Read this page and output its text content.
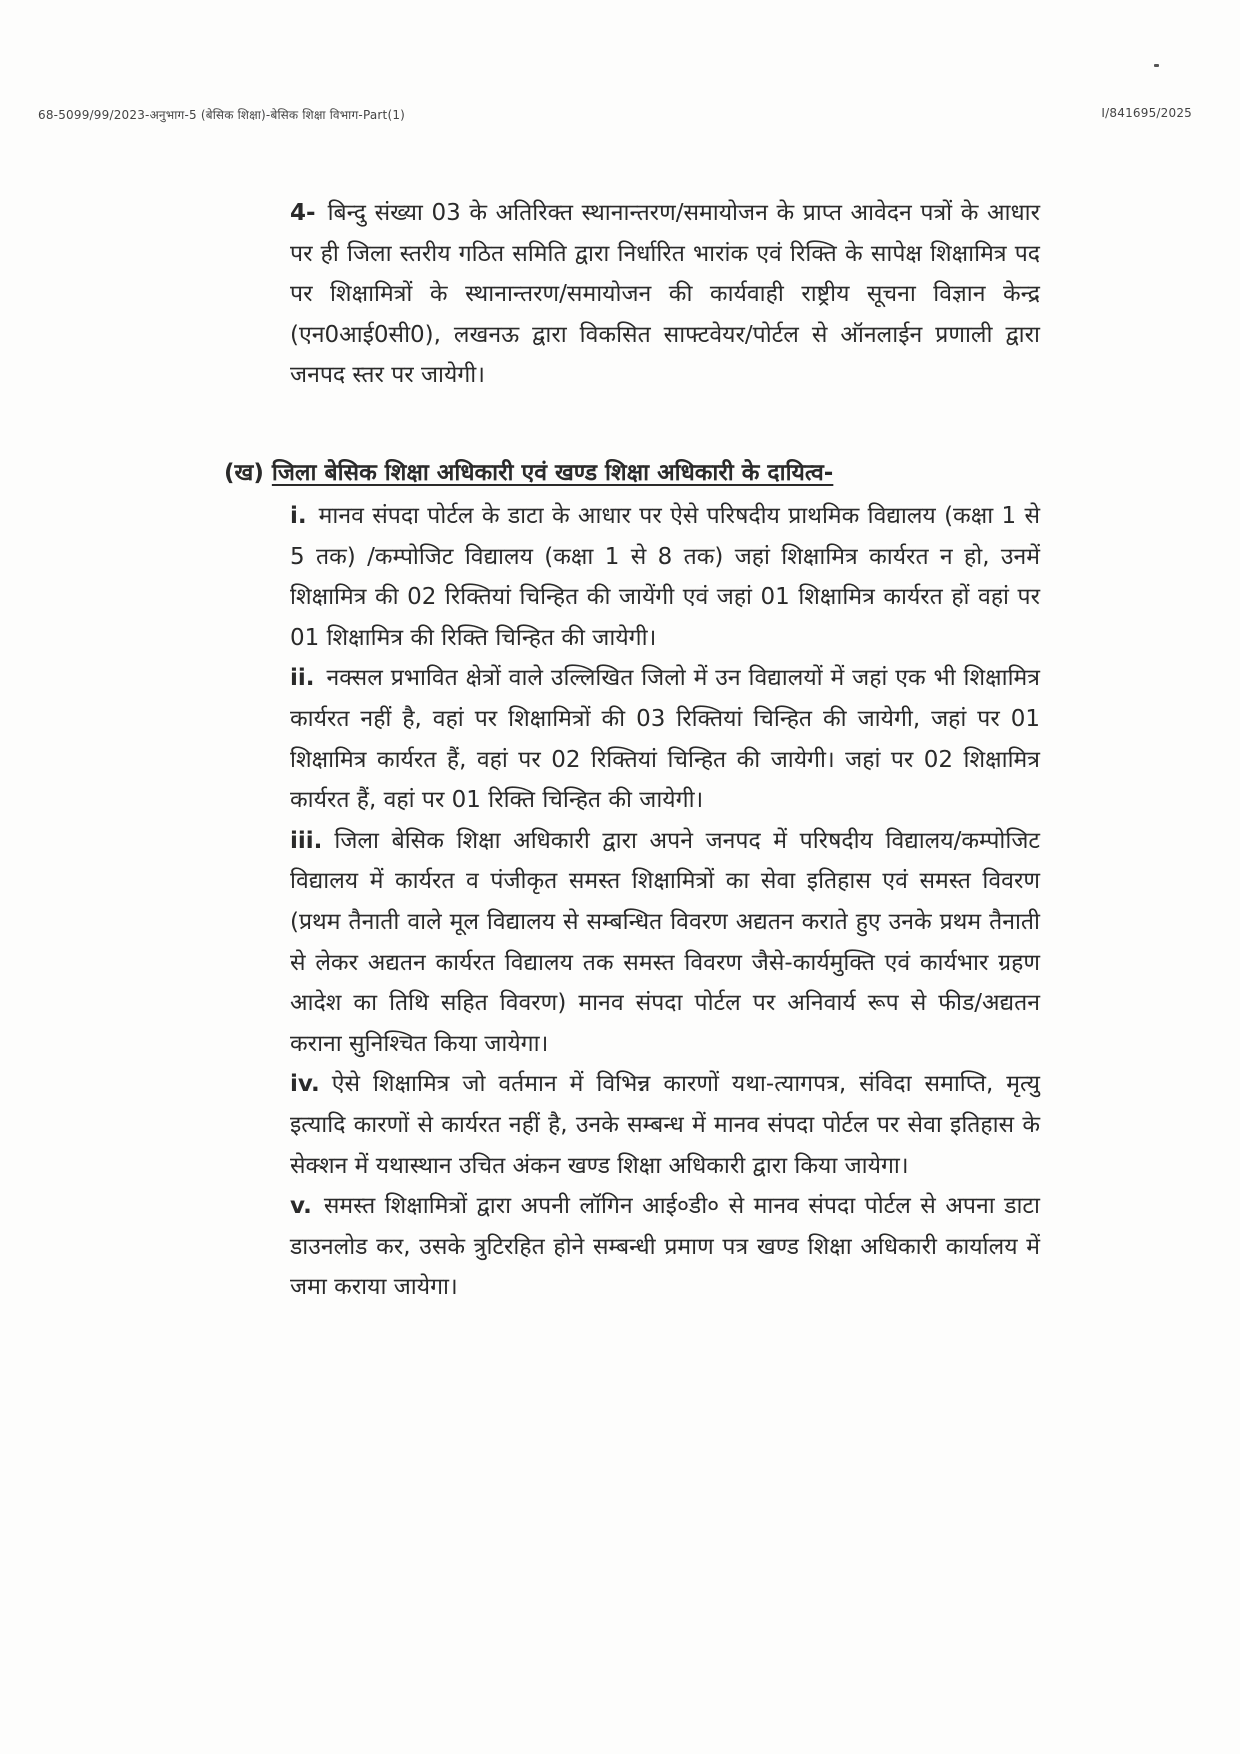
68-5099/99/2023-अनुभाग-5 (बेसिक शिक्षा)-बेसिक शिक्षा विभाग-Part(1)	I/841695/2025
4- बिन्दु संख्या 03 के अतिरिक्त स्थानान्तरण/समायोजन के प्राप्त आवेदन पत्रों के आधार पर ही जिला स्तरीय गठित समिति द्वारा निर्धारित भारांक एवं रिक्ति के सापेक्ष शिक्षामित्र पद पर शिक्षामित्रों के स्थानान्तरण/समायोजन की कार्यवाही राष्ट्रीय सूचना विज्ञान केन्द्र (एन0आई0सी0), लखनऊ द्वारा विकसित साफ्टवेयर/पोर्टल से ऑनलाईन प्रणाली द्वारा जनपद स्तर पर जायेगी।
(ख) जिला बेसिक शिक्षा अधिकारी एवं खण्ड शिक्षा अधिकारी के दायित्व-

i. मानव संपदा पोर्टल के डाटा के आधार पर ऐसे परिषदीय प्राथमिक विद्यालय (कक्षा 1 से 5 तक) /कम्पोजिट विद्यालय (कक्षा 1 से 8 तक) जहां शिक्षामित्र कार्यरत न हो, उनमें शिक्षामित्र की 02 रिक्तियां चिन्हित की जायेंगी एवं जहां 01 शिक्षामित्र कार्यरत हों वहां पर 01 शिक्षामित्र की रिक्ति चिन्हित की जायेगी।

ii. नक्सल प्रभावित क्षेत्रों वाले उल्लिखित जिलो में उन विद्यालयों में जहां एक भी शिक्षामित्र कार्यरत नहीं है, वहां पर शिक्षामित्रों की 03 रिक्तियां चिन्हित की जायेगी, जहां पर 01 शिक्षामित्र कार्यरत हैं, वहां पर 02 रिक्तियां चिन्हित की जायेगी। जहां पर 02 शिक्षामित्र कार्यरत हैं, वहां पर 01 रिक्ति चिन्हित की जायेगी।

iii. जिला बेसिक शिक्षा अधिकारी द्वारा अपने जनपद में परिषदीय विद्यालय/कम्पोजिट विद्यालय में कार्यरत व पंजीकृत समस्त शिक्षामित्रों का सेवा इतिहास एवं समस्त विवरण (प्रथम तैनाती वाले मूल विद्यालय से सम्बन्धित विवरण अद्यतन कराते हुए उनके प्रथम तैनाती से लेकर अद्यतन कार्यरत विद्यालय तक समस्त विवरण जैसे-कार्यमुक्ति एवं कार्यभार ग्रहण आदेश का तिथि सहित विवरण) मानव संपदा पोर्टल पर अनिवार्य रूप से फीड/अद्यतन कराना सुनिश्चित किया जायेगा।

iv. ऐसे शिक्षामित्र जो वर्तमान में विभिन्न कारणों यथा-त्यागपत्र, संविदा समाप्ति, मृत्यु इत्यादि कारणों से कार्यरत नहीं है, उनके सम्बन्ध में मानव संपदा पोर्टल पर सेवा इतिहास के सेक्शन में यथास्थान उचित अंकन खण्ड शिक्षा अधिकारी द्वारा किया जायेगा।

v. समस्त शिक्षामित्रों द्वारा अपनी लॉगिन आई०डी० से मानव संपदा पोर्टल से अपना डाटा डाउनलोड कर, उसके त्रुटिरहित होने सम्बन्धी प्रमाण पत्र खण्ड शिक्षा अधिकारी कार्यालय में जमा कराया जायेगा।
